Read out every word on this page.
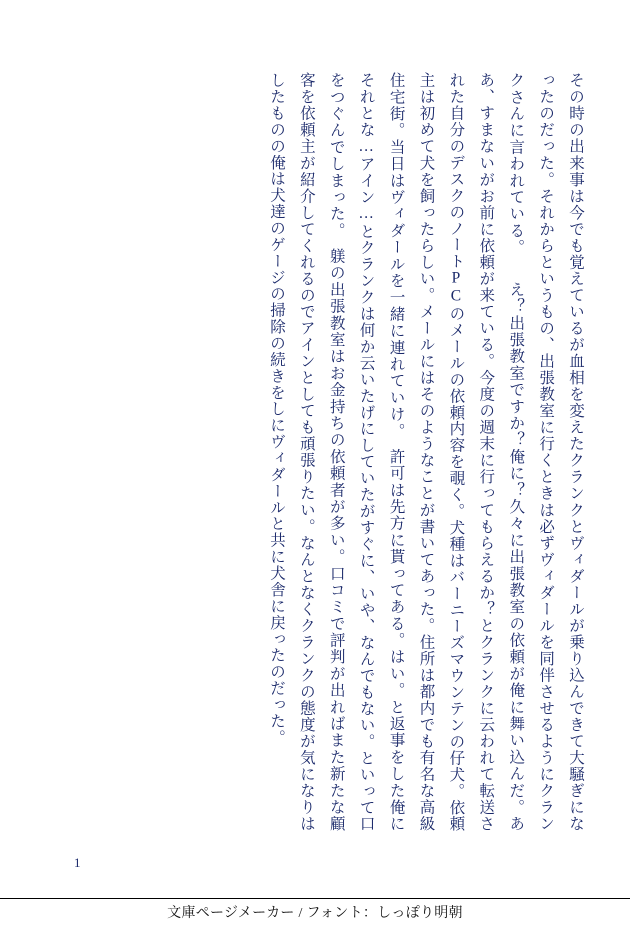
その時の出来事は今でも覚えているが血相を変えたクランクとヴィダールが乗り込んできて大騒ぎになったのだった。それからというもの、出張教室に行くときは必ずヴィダールを同伴させるようにクランクさんに言われている。　　え？出張教室ですか？俺に？久々に出張教室の依頼が俺に舞い込んだ。ああ、すまないがお前に依頼が来ている。今度の週末に行ってもらえるか？とクランクに云われて転送された自分のデスクのノートPCのメールの依頼内容を覗く。犬種はバーニーズマウンテンの仔犬。依頼主は初めて犬を飼ったらしい。メールにはそのようなことが書いてあった。住所は都内でも有名な高級住宅街。当日はヴィダールを一緒に連れていけ。　許可は先方に貰ってある。はい。と返事をした俺にそれとな…アイン…とクランクは何か云いたげにしていたがすぐに、いや、なんでもない。といって口をつぐんでしまった。　躾の出張教室はお金持ちの依頼者が多い。口コミで評判が出ればまた新たな顧客を依頼主が紹介してくれるのでアインとしても頑張りたい。なんとなくクランクの態度が気になりはしたものの俺は犬達のゲージの掃除の続きをしにヴィダールと共に犬舎に戻ったのだった。

1
文庫ページメーカー / フォント：しっぽり明朝
